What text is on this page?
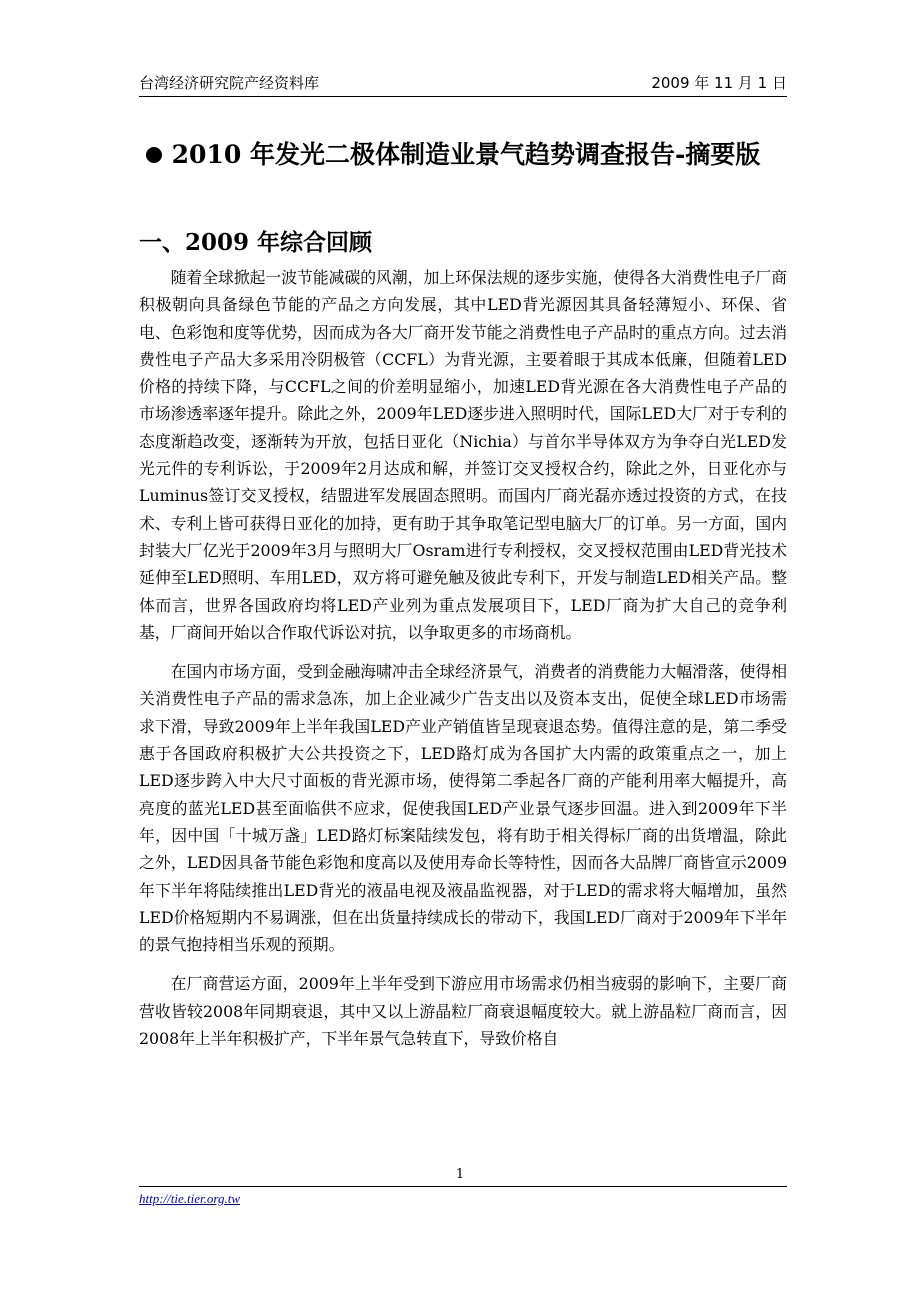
台湾经济研究院产经资料库	2009 年 11 月 1 日
2010 年发光二极体制造业景气趋势调查报告-摘要版
一、2009 年综合回顾

随着全球掀起一波节能减碳的风潮，加上环保法规的逐步实施，使得各大消费性电子厂商积极朝向具备绿色节能的产品之方向发展，其中LED背光源因其具备轻薄短小、环保、省电、色彩饱和度等优势，因而成为各大厂商开发节能之消费性电子产品时的重点方向。过去消费性电子产品大多采用冷阴极管（CCFL）为背光源，主要着眼于其成本低廉，但随着LED价格的持续下降，与CCFL之间的价差明显缩小，加速LED背光源在各大消费性电子产品的市场渗透率逐年提升。除此之外，2009年LED逐步进入照明时代，国际LED大厂对于专利的态度渐趋改变，逐渐转为开放，包括日亚化（Nichia）与首尔半导体双方为争夺白光LED发光元件的专利诉讼，于2009年2月达成和解，并签订交叉授权合约，除此之外，日亚化亦与Luminus签订交叉授权，结盟进军发展固态照明。而国内厂商光磊亦透过投资的方式，在技术、专利上皆可获得日亚化的加持，更有助于其争取笔记型电脑大厂的订单。另一方面，国内封装大厂亿光于2009年3月与照明大厂Osram进行专利授权，交叉授权范围由LED背光技术延伸至LED照明、车用LED，双方将可避免触及彼此专利下，开发与制造LED相关产品。整体而言，世界各国政府均将LED产业列为重点发展项目下，LED厂商为扩大自己的竞争利基，厂商间开始以合作取代诉讼对抗，以争取更多的市场商机。

在国内市场方面，受到金融海啸冲击全球经济景气，消费者的消费能力大幅滑落，使得相关消费性电子产品的需求急冻，加上企业减少广告支出以及资本支出，促使全球LED市场需求下滑，导致2009年上半年我国LED产业产销值皆呈现衰退态势。值得注意的是，第二季受惠于各国政府积极扩大公共投资之下，LED路灯成为各国扩大内需的政策重点之一，加上LED逐步跨入中大尺寸面板的背光源市场，使得第二季起各厂商的产能利用率大幅提升，高亮度的蓝光LED甚至面临供不应求，促使我国LED产业景气逐步回温。进入到2009年下半年，因中国「十城万盏」LED路灯标案陆续发包，将有助于相关得标厂商的出货增温，除此之外，LED因具备节能色彩饱和度高以及使用寿命长等特性，因而各大品牌厂商皆宣示2009年下半年将陆续推出LED背光的液晶电视及液晶监视器，对于LED的需求将大幅增加，虽然LED价格短期内不易调涨，但在出货量持续成长的带动下，我国LED厂商对于2009年下半年的景气抱持相当乐观的预期。

在厂商营运方面，2009年上半年受到下游应用市场需求仍相当疲弱的影响下，主要厂商营收皆较2008年同期衰退，其中又以上游晶粒厂商衰退幅度较大。就上游晶粒厂商而言，因2008年上半年积极扩产，下半年景气急转直下，导致价格自

1
http://tie.tier.org.tw
